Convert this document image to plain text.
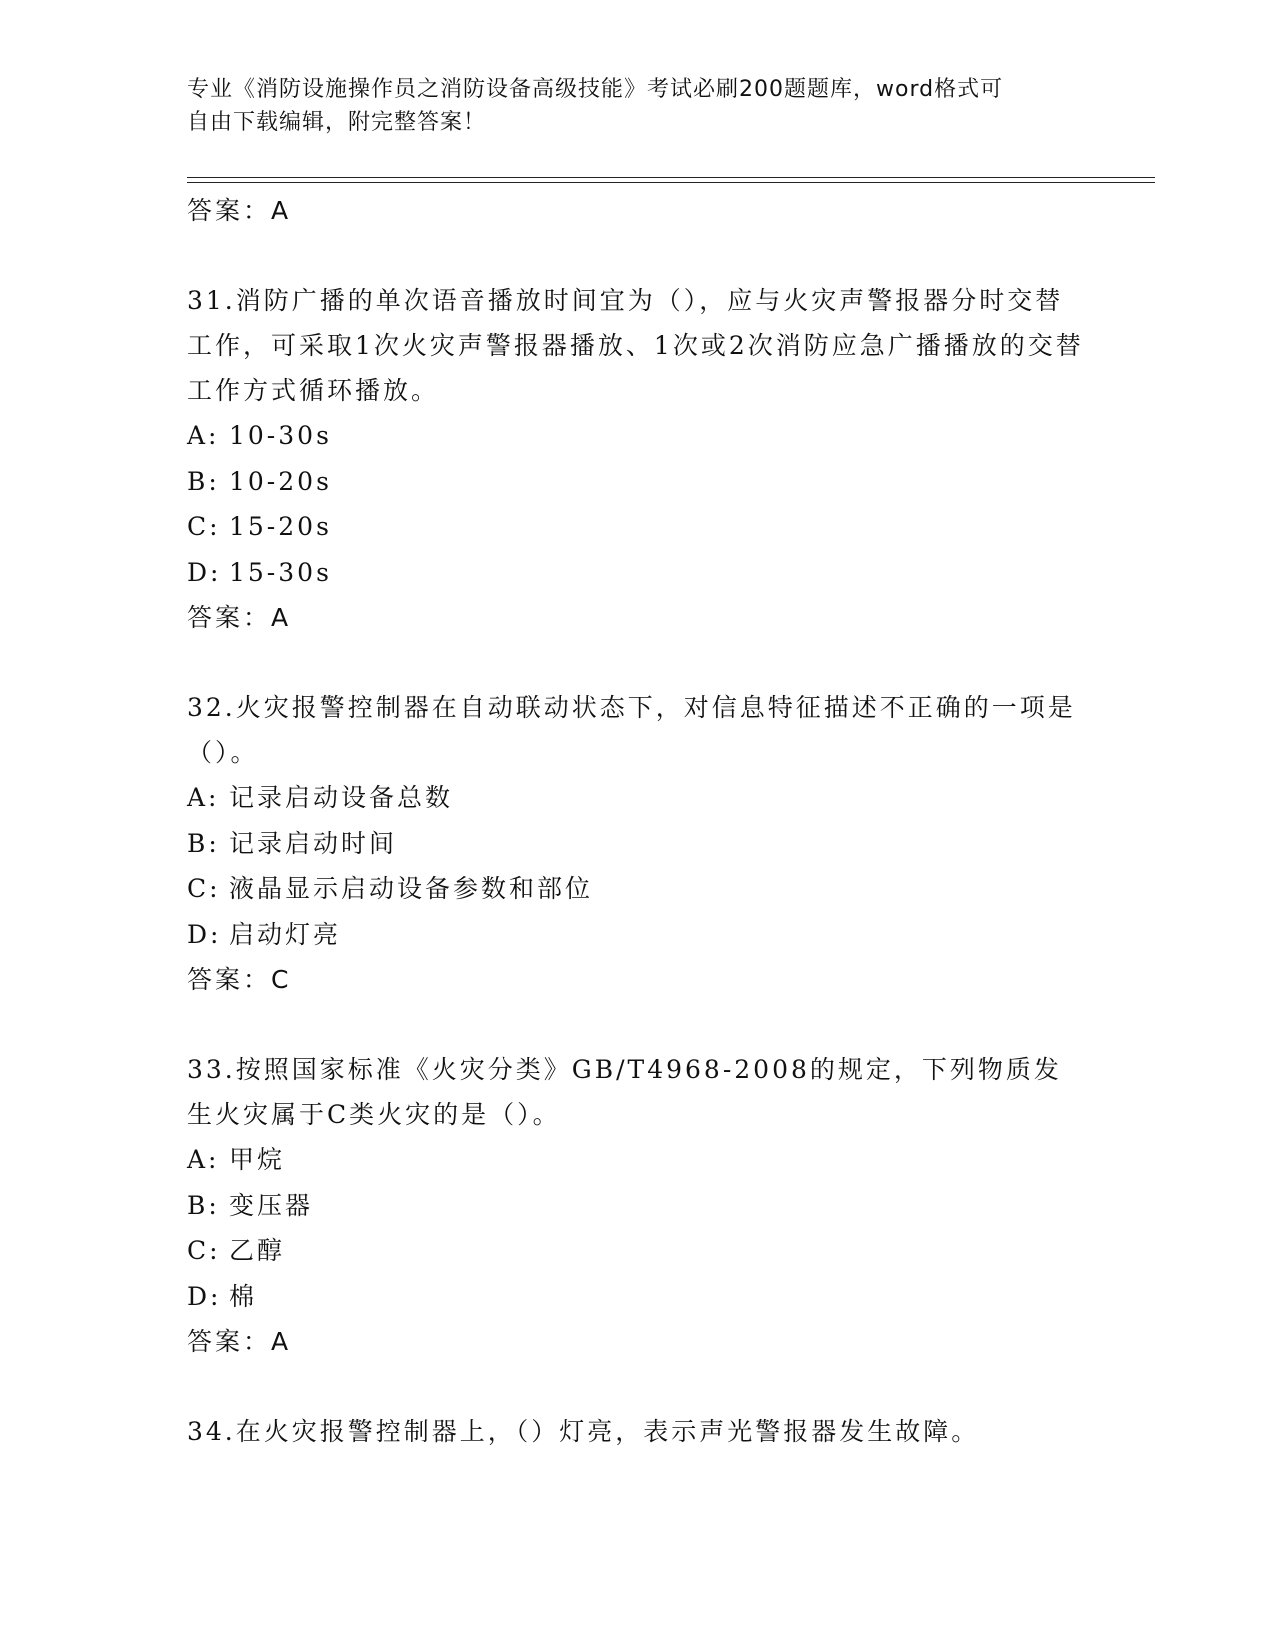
专业《消防设施操作员之消防设备高级技能》考试必刷200题题库，word格式可
自由下载编辑，附完整答案！
答案：A
31.消防广播的单次语音播放时间宜为（），应与火灾声警报器分时交替工作，可采取1次火灾声警报器播放、1次或2次消防应急广播播放的交替工作方式循环播放。
A: 10-30s
B: 10-20s
C: 15-20s
D: 15-30s
答案：A
32.火灾报警控制器在自动联动状态下，对信息特征描述不正确的一项是（）。
A: 记录启动设备总数
B: 记录启动时间
C: 液晶显示启动设备参数和部位
D: 启动灯亮
答案：C
33.按照国家标准《火灾分类》GB/T4968-2008的规定，下列物质发生火灾属于C类火灾的是（）。
A: 甲烷
B: 变压器
C: 乙醇
D: 棉
答案：A
34.在火灾报警控制器上，（）灯亮，表示声光警报器发生故障。
